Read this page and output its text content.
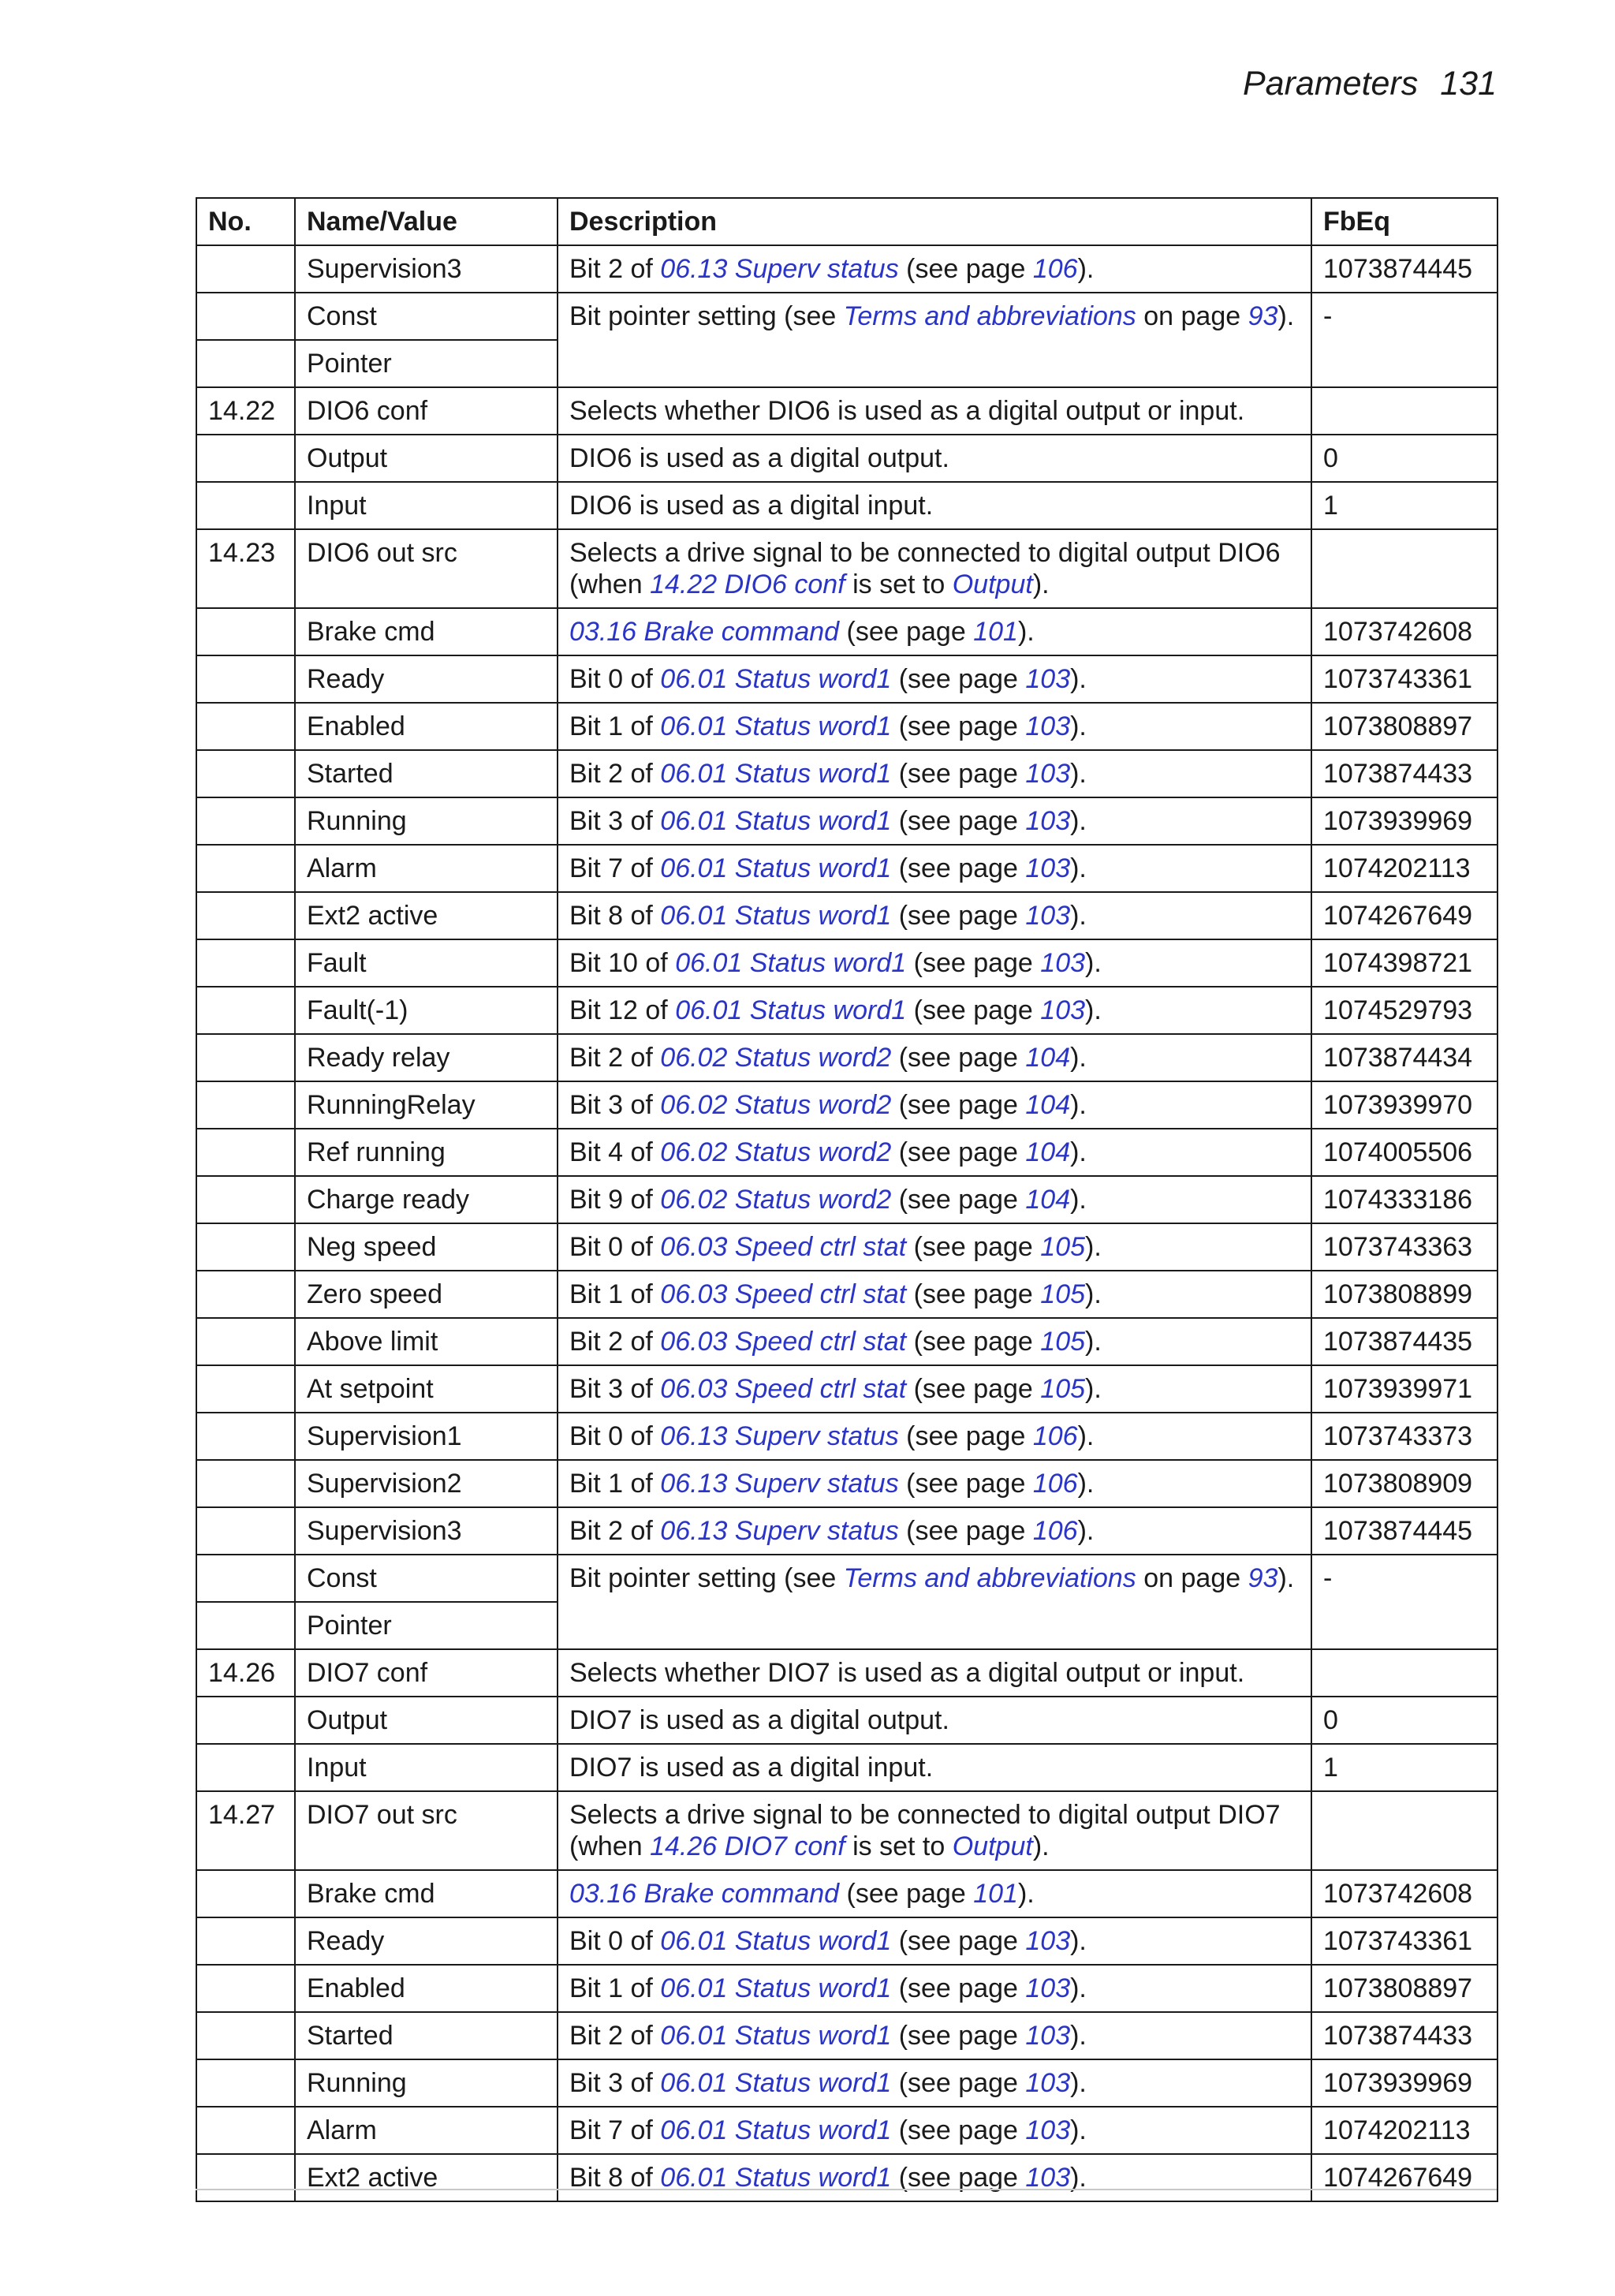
Parameters 131
No.	Name/Value	Description	FbEq
	Supervision3	Bit 2 of 06.13 Superv status (see page 106).	1073874445
	Const	Bit pointer setting (see Terms and abbreviations on page 93).	-
	Pointer		
14.22	DIO6 conf	Selects whether DIO6 is used as a digital output or input.	
	Output	DIO6 is used as a digital output.	0
	Input	DIO6 is used as a digital input.	1
14.23	DIO6 out src	Selects a drive signal to be connected to digital output DIO6
(when 14.22 DIO6 conf is set to Output).	
	Brake cmd	03.16 Brake command (see page 101).	1073742608
	Ready	Bit 0 of 06.01 Status word1 (see page 103).	1073743361
	Enabled	Bit 1 of 06.01 Status word1 (see page 103).	1073808897
	Started	Bit 2 of 06.01 Status word1 (see page 103).	1073874433
	Running	Bit 3 of 06.01 Status word1 (see page 103).	1073939969
	Alarm	Bit 7 of 06.01 Status word1 (see page 103).	1074202113
	Ext2 active	Bit 8 of 06.01 Status word1 (see page 103).	1074267649
	Fault	Bit 10 of 06.01 Status word1 (see page 103).	1074398721
	Fault(-1)	Bit 12 of 06.01 Status word1 (see page 103).	1074529793
	Ready relay	Bit 2 of 06.02 Status word2 (see page 104).	1073874434
	RunningRelay	Bit 3 of 06.02 Status word2 (see page 104).	1073939970
	Ref running	Bit 4 of 06.02 Status word2 (see page 104).	1074005506
	Charge ready	Bit 9 of 06.02 Status word2 (see page 104).	1074333186
	Neg speed	Bit 0 of 06.03 Speed ctrl stat (see page 105).	1073743363
	Zero speed	Bit 1 of 06.03 Speed ctrl stat (see page 105).	1073808899
	Above limit	Bit 2 of 06.03 Speed ctrl stat (see page 105).	1073874435
	At setpoint	Bit 3 of 06.03 Speed ctrl stat (see page 105).	1073939971
	Supervision1	Bit 0 of 06.13 Superv status (see page 106).	1073743373
	Supervision2	Bit 1 of 06.13 Superv status (see page 106).	1073808909
	Supervision3	Bit 2 of 06.13 Superv status (see page 106).	1073874445
	Const	Bit pointer setting (see Terms and abbreviations on page 93).	-
	Pointer		
14.26	DIO7 conf	Selects whether DIO7 is used as a digital output or input.	
	Output	DIO7 is used as a digital output.	0
	Input	DIO7 is used as a digital input.	1
14.27	DIO7 out src	Selects a drive signal to be connected to digital output DIO7
(when 14.26 DIO7 conf is set to Output).	
	Brake cmd	03.16 Brake command (see page 101).	1073742608
	Ready	Bit 0 of 06.01 Status word1 (see page 103).	1073743361
	Enabled	Bit 1 of 06.01 Status word1 (see page 103).	1073808897
	Started	Bit 2 of 06.01 Status word1 (see page 103).	1073874433
	Running	Bit 3 of 06.01 Status word1 (see page 103).	1073939969
	Alarm	Bit 7 of 06.01 Status word1 (see page 103).	1074202113
	Ext2 active	Bit 8 of 06.01 Status word1 (see page 103).	1074267649
